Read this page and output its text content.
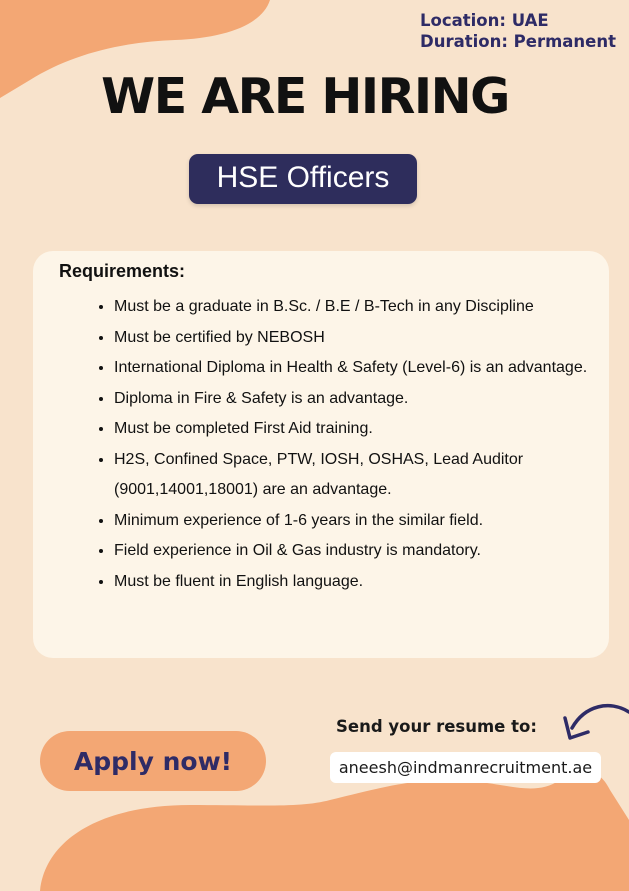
Location: UAE
Duration: Permanent
WE ARE HIRING
HSE Officers
Requirements:
• Must be a graduate in B.Sc. / B.E / B-Tech in any Discipline
• Must be certified by NEBOSH
• International Diploma in Health & Safety (Level-6) is an advantage.
• Diploma in Fire & Safety is an advantage.
• Must be completed First Aid training.
• H2S, Confined Space, PTW, IOSH, OSHAS, Lead Auditor (9001,14001,18001) are an advantage.
• Minimum experience of 1-6 years in the similar field.
• Field experience in Oil & Gas industry is mandatory.
• Must be fluent in English language.
Apply now!
Send your resume to:
aneesh@indmanrecruitment.ae
